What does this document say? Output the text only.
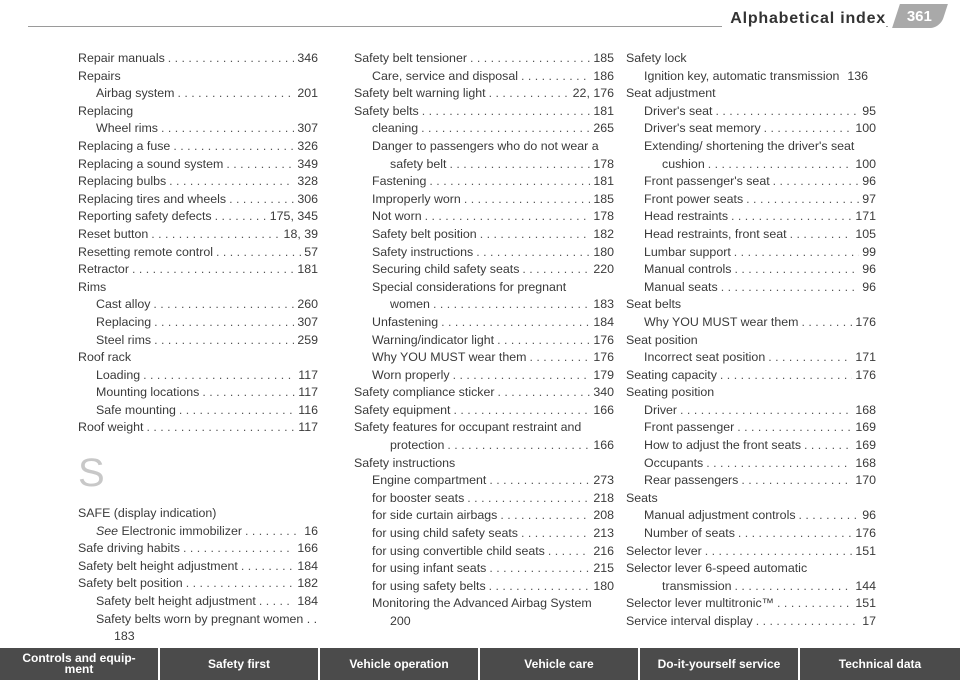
Alphabetical index 361
Repair manuals . . .	346
Repairs
Airbag system . . .	201
Replacing
Wheel rims . . .	307
Replacing a fuse . . .	326
Replacing a sound system . . .	349
Replacing bulbs . . .	328
Replacing tires and wheels . . .	306
Reporting safety defects . . .	175, 345
Reset button . . .	18, 39
Resetting remote control . . .	57
Retractor . . .	181
Rims
Cast alloy . . .	260
Replacing . . .	307
Steel rims . . .	259
Roof rack
Loading . . .	117
Mounting locations . . .	117
Safe mounting . . .	116
Roof weight . . .	117
S
SAFE (display indication)
See Electronic immobilizer . . .	16
Safe driving habits . . .	166
Safety belt height adjustment . . .	184
Safety belt position . . .	182
Safety belt height adjustment . . .	184
Safety belts worn by pregnant women . .
183
Safety belt tensioner . . .	185
Care, service and disposal . . .	186
Safety belt warning light . . .	22, 176
Safety belts . . .	181
cleaning . . .	265
Danger to passengers who do not wear a
safety belt . . .	178
Fastening . . .	181
Improperly worn . . .	185
Not worn . . .	178
Safety belt position . . .	182
Safety instructions . . .	180
Securing child safety seats . . .	220
Special considerations for pregnant
women . . .	183
Unfastening . . .	184
Warning/indicator light . . .	176
Why YOU MUST wear them . . .	176
Worn properly . . .	179
Safety compliance sticker . . .	340
Safety equipment . . .	166
Safety features for occupant restraint and
protection . . .	166
Safety instructions
Engine compartment . . .	273
for booster seats . . .	218
for side curtain airbags . . .	208
for using child safety seats . . .	213
for using convertible child seats . . .	216
for using infant seats . . .	215
for using safety belts . . .	180
Monitoring the Advanced Airbag System
200
Safety lock
Ignition key, automatic transmission 136
Seat adjustment
Driver's seat . . .	95
Driver's seat memory . . .	100
Extending/ shortening the driver's seat
cushion . . .	100
Front passenger's seat . . .	96
Front power seats . . .	97
Head restraints . . .	171
Head restraints, front seat . . .	105
Lumbar support . . .	99
Manual controls . . .	96
Manual seats . . .	96
Seat belts
Why YOU MUST wear them . . .	176
Seat position
Incorrect seat position . . .	171
Seating capacity . . .	176
Seating position
Driver . . .	168
Front passenger . . .	169
How to adjust the front seats . . .	169
Occupants . . .	168
Rear passengers . . .	170
Seats
Manual adjustment controls . . .	96
Number of seats . . .	176
Selector lever . . .	151
Selector lever 6-speed automatic
transmission . . .	144
Selector lever multitronic™ . . .	151
Service interval display . . .	17
Controls and equip-
ment	Safety first	Vehicle operation	Vehicle care	Do-it-yourself service	Technical data
